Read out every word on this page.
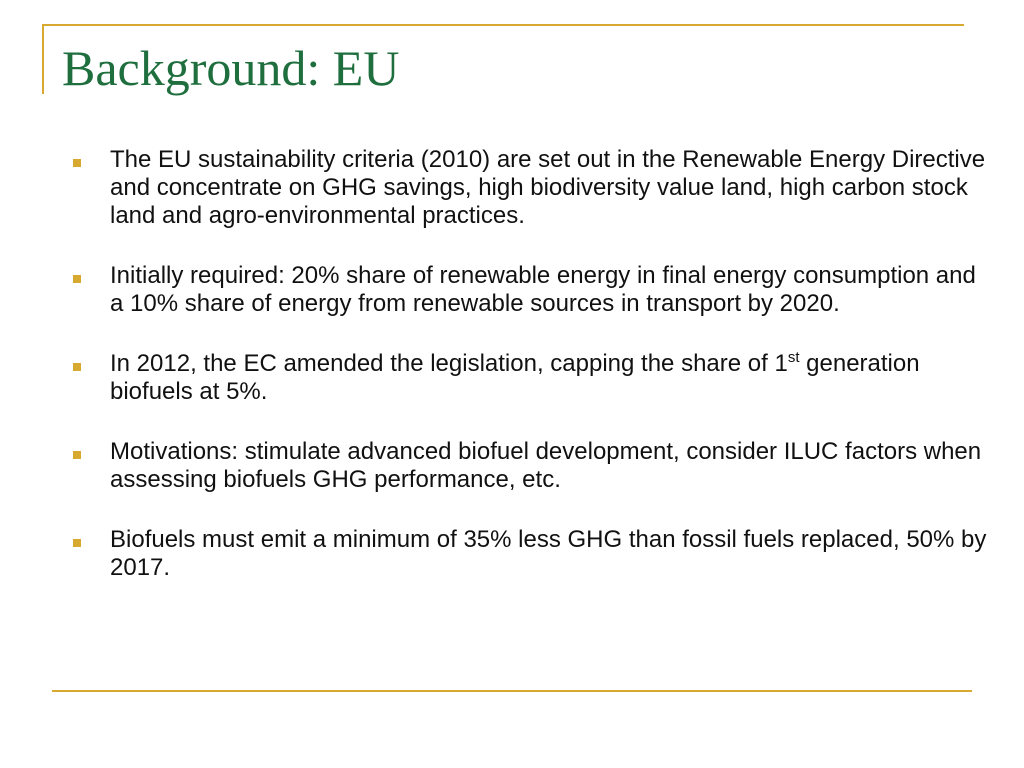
Background: EU
The EU sustainability criteria (2010) are set out in the Renewable Energy Directive and concentrate on GHG savings, high biodiversity value land, high carbon stock land and agro-environmental practices.
Initially required: 20% share of renewable energy in final energy consumption and a 10% share of energy from renewable sources in transport by 2020.
In 2012, the EC amended the legislation, capping the share of 1st generation biofuels at 5%.
Motivations: stimulate advanced biofuel development, consider ILUC factors when assessing biofuels GHG performance, etc.
Biofuels must emit a minimum of 35% less GHG than fossil fuels replaced, 50% by 2017.
